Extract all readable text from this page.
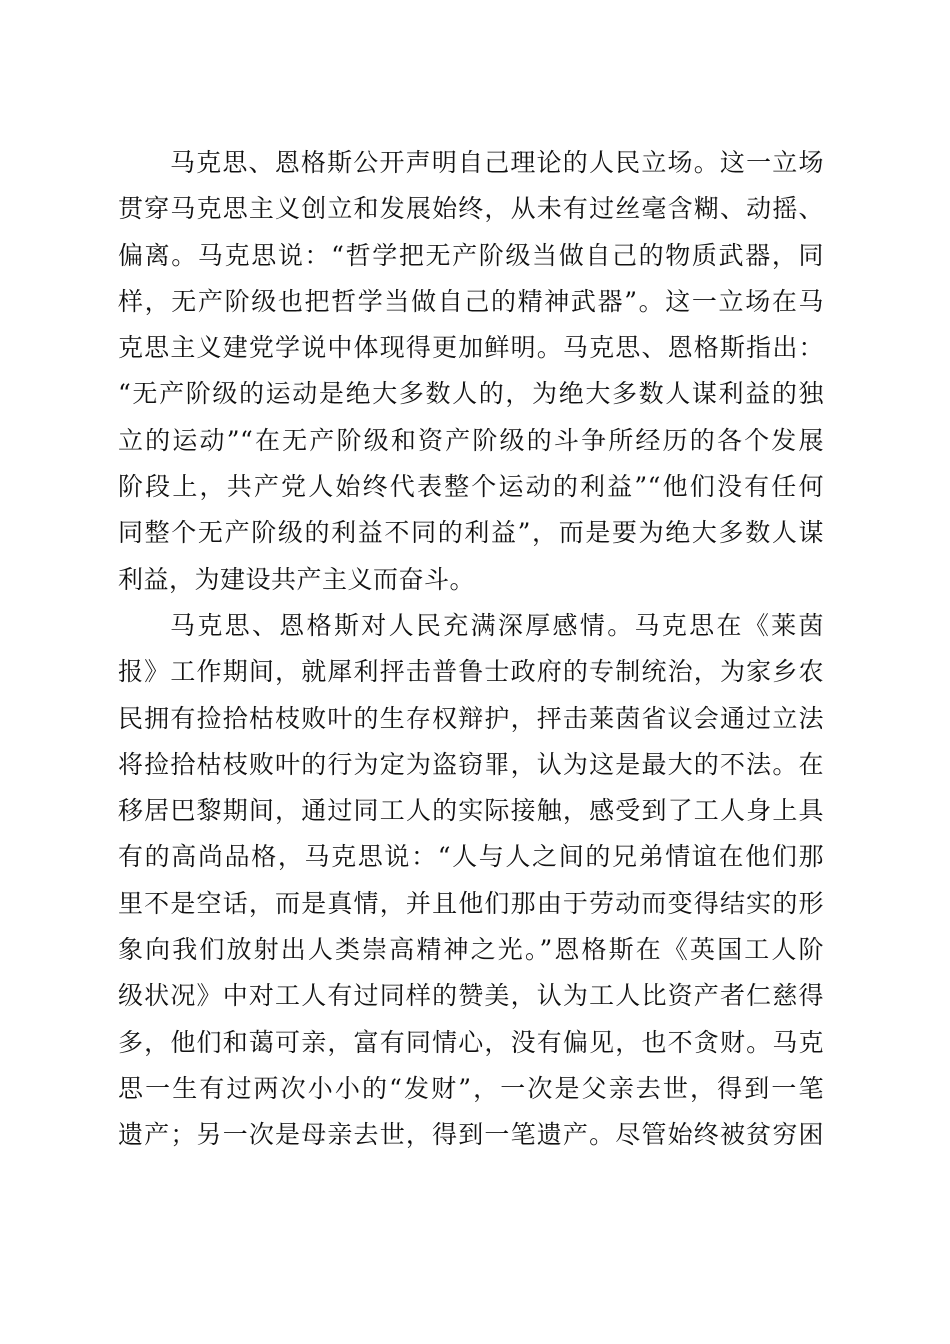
马克思、恩格斯公开声明自己理论的人民立场。这一立场
贯穿马克思主义创立和发展始终，从未有过丝毫含糊、动摇、
偏离。马克思说：“哲学把无产阶级当做自己的物质武器，同
样，无产阶级也把哲学当做自己的精神武器”。这一立场在马
克思主义建党学说中体现得更加鲜明。马克思、恩格斯指出：
“无产阶级的运动是绝大多数人的，为绝大多数人谋利益的独
立的运动”“在无产阶级和资产阶级的斗争所经历的各个发展
阶段上，共产党人始终代表整个运动的利益”“他们没有任何
同整个无产阶级的利益不同的利益”，而是要为绝大多数人谋
利益，为建设共产主义而奋斗。
马克思、恩格斯对人民充满深厚感情。马克思在《莱茵
报》工作期间，就犀利抨击普鲁士政府的专制统治，为家乡农
民拥有捡拾枯枝败叶的生存权辩护，抨击莱茵省议会通过立法
将捡拾枯枝败叶的行为定为盗窃罪，认为这是最大的不法。在
移居巴黎期间，通过同工人的实际接触，感受到了工人身上具
有的高尚品格，马克思说：“人与人之间的兄弟情谊在他们那
里不是空话，而是真情，并且他们那由于劳动而变得结实的形
象向我们放射出人类崇高精神之光。”恩格斯在《英国工人阶
级状况》中对工人有过同样的赞美，认为工人比资产者仁慈得
多，他们和蔼可亲，富有同情心，没有偏见，也不贪财。马克
思一生有过两次小小的“发财”，一次是父亲去世，得到一笔
遗产；另一次是母亲去世，得到一笔遗产。尽管始终被贫穷困
